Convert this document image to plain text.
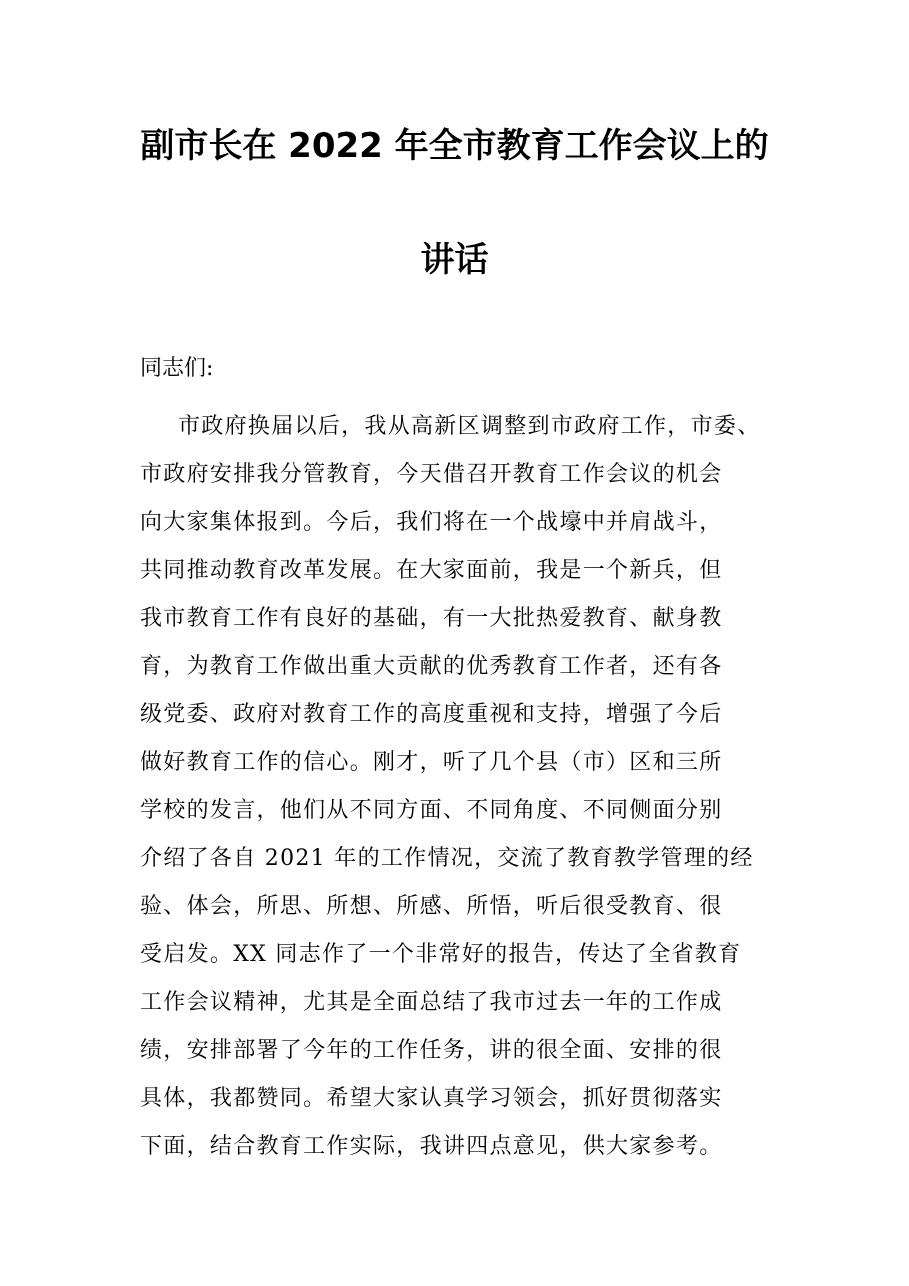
副市长在 2022 年全市教育工作会议上的
讲话

同志们:

市政府换届以后，我从高新区调整到市政府工作，市委、

市政府安排我分管教育，今天借召开教育工作会议的机会

向大家集体报到。今后，我们将在一个战壕中并肩战斗，

共同推动教育改革发展。在大家面前，我是一个新兵，但

我市教育工作有良好的基础，有一大批热爱教育、献身教

育，为教育工作做出重大贡献的优秀教育工作者，还有各

级党委、政府对教育工作的高度重视和支持，增强了今后

做好教育工作的信心。刚才，听了几个县（市）区和三所

学校的发言，他们从不同方面、不同角度、不同侧面分别

介绍了各自 2021 年的工作情况，交流了教育教学管理的经

验、体会，所思、所想、所感、所悟，听后很受教育、很

受启发。XX 同志作了一个非常好的报告，传达了全省教育

工作会议精神，尤其是全面总结了我市过去一年的工作成

绩，安排部署了今年的工作任务，讲的很全面、安排的很

具体，我都赞同。希望大家认真学习领会，抓好贯彻落实

下面，结合教育工作实际，我讲四点意见，供大家参考。
